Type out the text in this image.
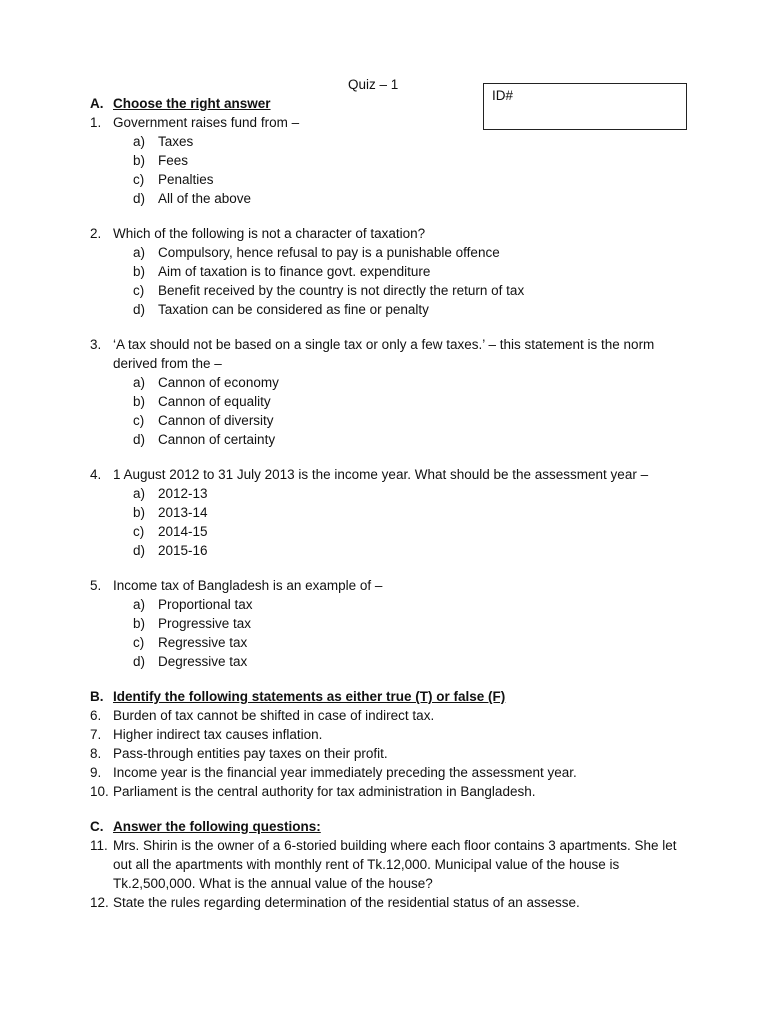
Quiz – 1
ID#
A. Choose the right answer
1. Government raises fund from –
a) Taxes
b) Fees
c)	Penalties
d) All of the above
2. Which of the following is not a character of taxation?
a) Compulsory, hence refusal to pay is a punishable offence
b) Aim of taxation is to finance govt. expenditure
c)	Benefit received by the country is not directly the return of tax
d) Taxation can be considered as fine or penalty
3. ‘A tax should not be based on a single tax or only a few taxes.’ – this statement is the norm derived from the –
a) Cannon of economy
b) Cannon of equality
c)	Cannon of diversity
d) Cannon of certainty
4. 1 August 2012 to 31 July 2013 is the income year. What should be the assessment year –
a) 2012-13
b) 2013-14
c)	2014-15
d) 2015-16
5. Income tax of Bangladesh is an example of –
a) Proportional tax
b) Progressive tax
c)	Regressive tax
d) Degressive tax
B. Identify the following statements as either true (T) or false (F)
6. Burden of tax cannot be shifted in case of indirect tax.
7. Higher indirect tax causes inflation.
8. Pass-through entities pay taxes on their profit.
9. Income year is the financial year immediately preceding the assessment year.
10. Parliament is the central authority for tax administration in Bangladesh.
C. Answer the following questions:
11. Mrs. Shirin is the owner of a 6-storied building where each floor contains 3 apartments. She let out all the apartments with monthly rent of Tk.12,000. Municipal value of the house is Tk.2,500,000. What is the annual value of the house?
12. State the rules regarding determination of the residential status of an assesse.
